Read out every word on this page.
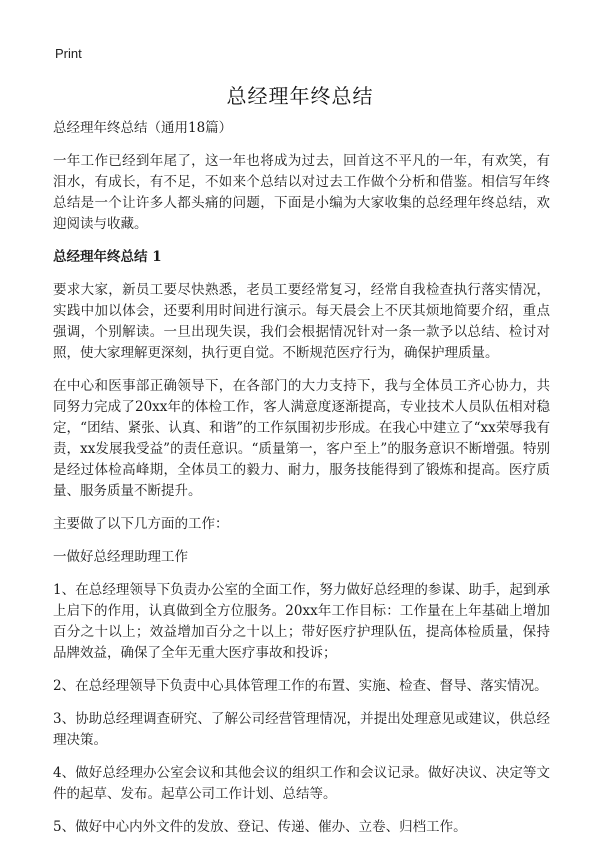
Print
总经理年终总结

总经理年终总结（通用18篇）

一年工作已经到年尾了，这一年也将成为过去，回首这不平凡的一年，有欢笑，有泪水，有成长，有不足，不如来个总结以对过去工作做个分析和借鉴。相信写年终总结是一个让许多人都头痛的问题，下面是小编为大家收集的总经理年终总结，欢迎阅读与收藏。

总经理年终总结 1

要求大家，新员工要尽快熟悉，老员工要经常复习，经常自我检查执行落实情况，实践中加以体会，还要利用时间进行演示。每天晨会上不厌其烦地简要介绍，重点强调，个别解读。一旦出现失误，我们会根据情况针对一条一款予以总结、检讨对照，使大家理解更深刻，执行更自觉。不断规范医疗行为，确保护理质量。

在中心和医事部正确领导下，在各部门的大力支持下，我与全体员工齐心协力，共同努力完成了20xx年的体检工作，客人满意度逐渐提高，专业技术人员队伍相对稳定，“团结、紧张、认真、和谐”的工作氛围初步形成。在我心中建立了“xx荣辱我有责，xx发展我受益”的责任意识。“质量第一，客户至上”的服务意识不断增强。特别是经过体检高峰期，全体员工的毅力、耐力，服务技能得到了锻炼和提高。医疗质量、服务质量不断提升。

主要做了以下几方面的工作：

一做好总经理助理工作

1、在总经理领导下负责办公室的全面工作，努力做好总经理的参谋、助手，起到承上启下的作用，认真做到全方位服务。20xx年工作目标：工作量在上年基础上增加百分之十以上；效益增加百分之十以上；带好医疗护理队伍，提高体检质量，保持品牌效益，确保了全年无重大医疗事故和投诉；

2、在总经理领导下负责中心具体管理工作的布置、实施、检查、督导、落实情况。

3、协助总经理调查研究、了解公司经营管理情况，并提出处理意见或建议，供总经理决策。

4、做好总经理办公室会议和其他会议的组织工作和会议记录。做好决议、决定等文件的起草、发布。起草公司工作计划、总结等。

5、做好中心内外文件的发放、登记、传递、催办、立卷、归档工作。
